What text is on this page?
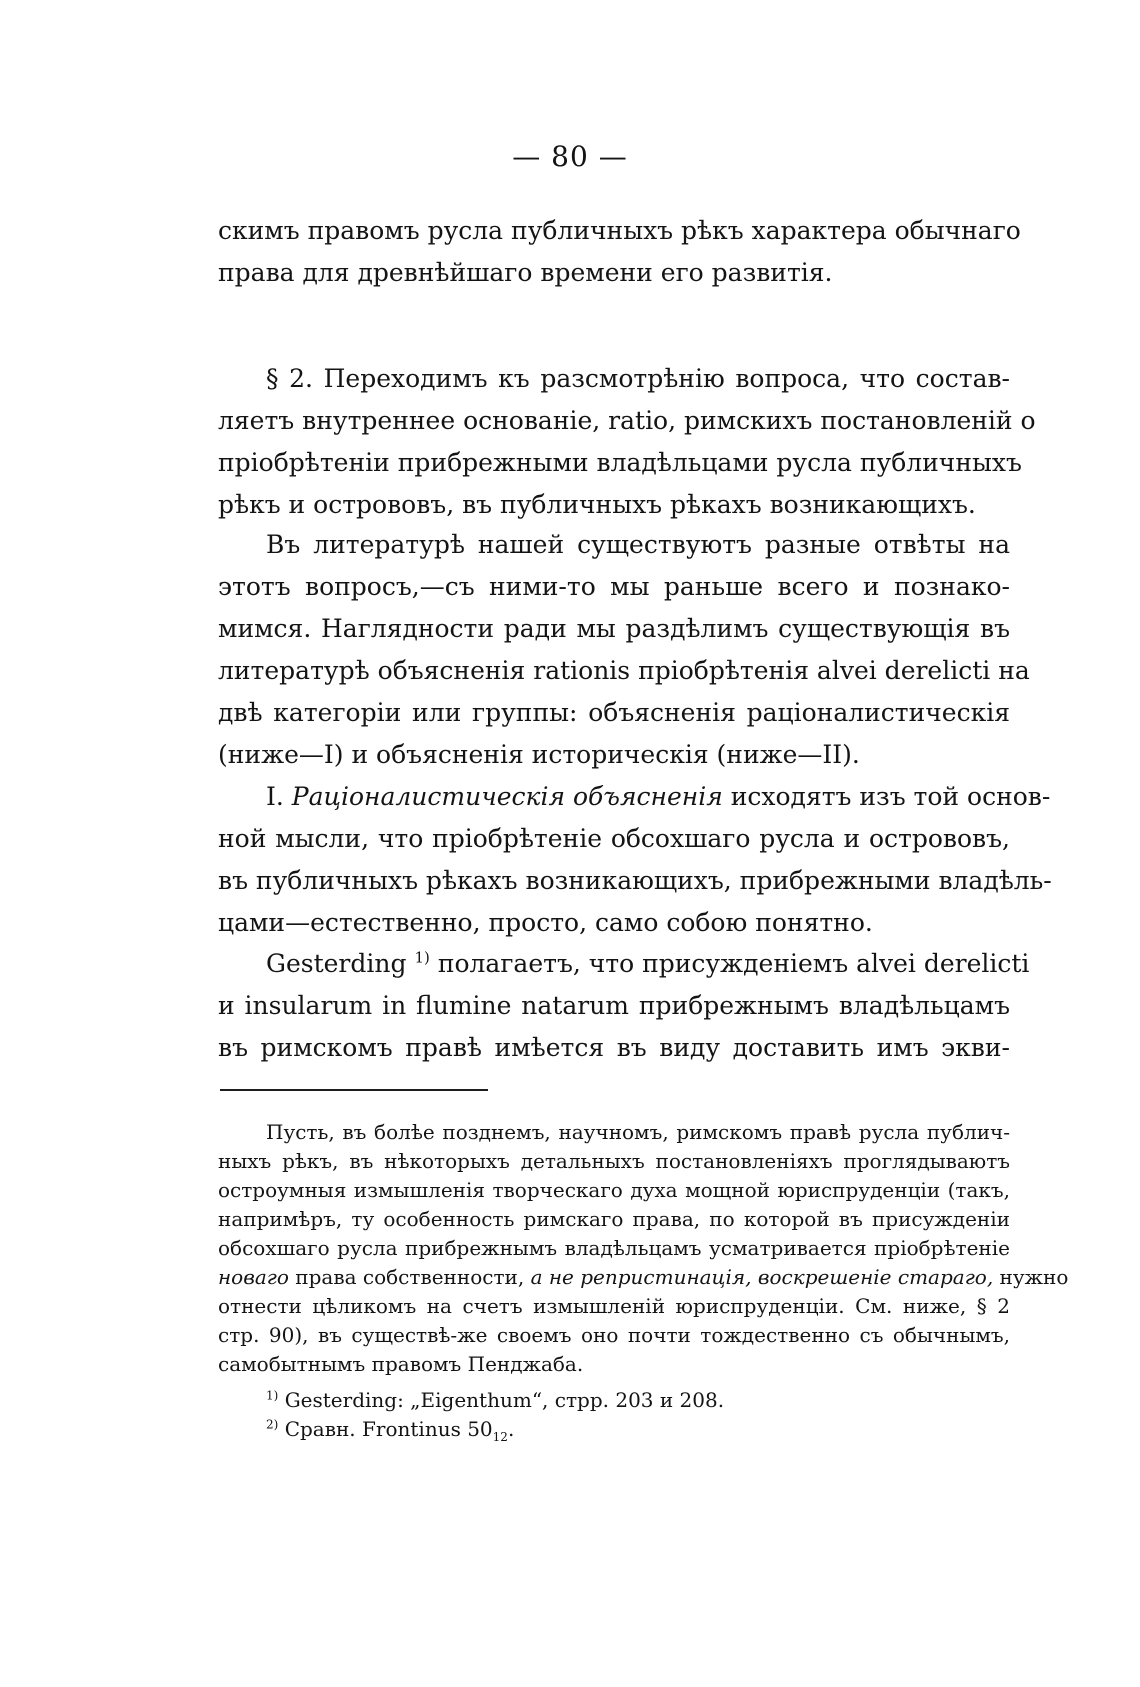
— 80 —
скимъ правомъ русла публичныхъ рѣкъ характера обычнаго
права для древнѣйшаго времени его развитія.
§ 2. Переходимъ къ разсмотрѣнію вопроса, что состав-
ляетъ внутреннее основаніе, ratio, римскихъ постановленій о
пріобрѣтеніи прибрежными владѣльцами русла публичныхъ
рѣкъ и острововъ, въ публичныхъ рѣкахъ возникающихъ.
Въ литературѣ нашей существуютъ разные отвѣты на
этотъ вопросъ,—съ ними-то мы раньше всего и познако-
мимся. Наглядности ради мы раздѣлимъ существующія въ
литературѣ объясненія rationis пріобрѣтенія alvei derelicti на
двѣ категоріи или группы: объясненія раціоналистическія
(ниже—I) и объясненія историческія (ниже—II).
I. Раціоналистическія объясненія исходятъ изъ той основ-
ной мысли, что пріобрѣтеніе обсохшаго русла и острововъ,
въ публичныхъ рѣкахъ возникающихъ, прибрежными владѣль-
цами—естественно, просто, само собою понятно.
Gesterding $^{1)}$ полагаетъ, что присужденіемъ alvei derelicti
и insularum in flumine natarum прибрежнымъ владѣльцамъ
въ римскомъ правѣ имѣется въ виду доставить имъ экви-
Пусть, въ болѣе позднемъ, научномъ, римскомъ правѣ русла публич-
ныхъ рѣкъ, въ нѣкоторыхъ детальныхъ постановленіяхъ проглядываютъ
остроумныя измышленія творческаго духа мощной юриспруденціи (такъ,
напримѣръ, ту особенность римскаго права, по которой въ присужденіи
обсохшаго русла прибрежнымъ владѣльцамъ усматривается пріобрѣтеніе
новаго права собственности, а не репристинація, воскрешеніе стараго, нужно
отнести цѣликомъ на счетъ измышленій юриспруденціи. См. ниже, § 2
стр. 90), въ существѣ-же своемъ оно почти тождественно съ обычнымъ,
самобытнымъ правомъ Пенджаба.
$^{1)}$ Gesterding: „Eigenthum“, стрр. 203 и 208.
$^{2)}$ Сравн. Frontinus $50_{12}$.
